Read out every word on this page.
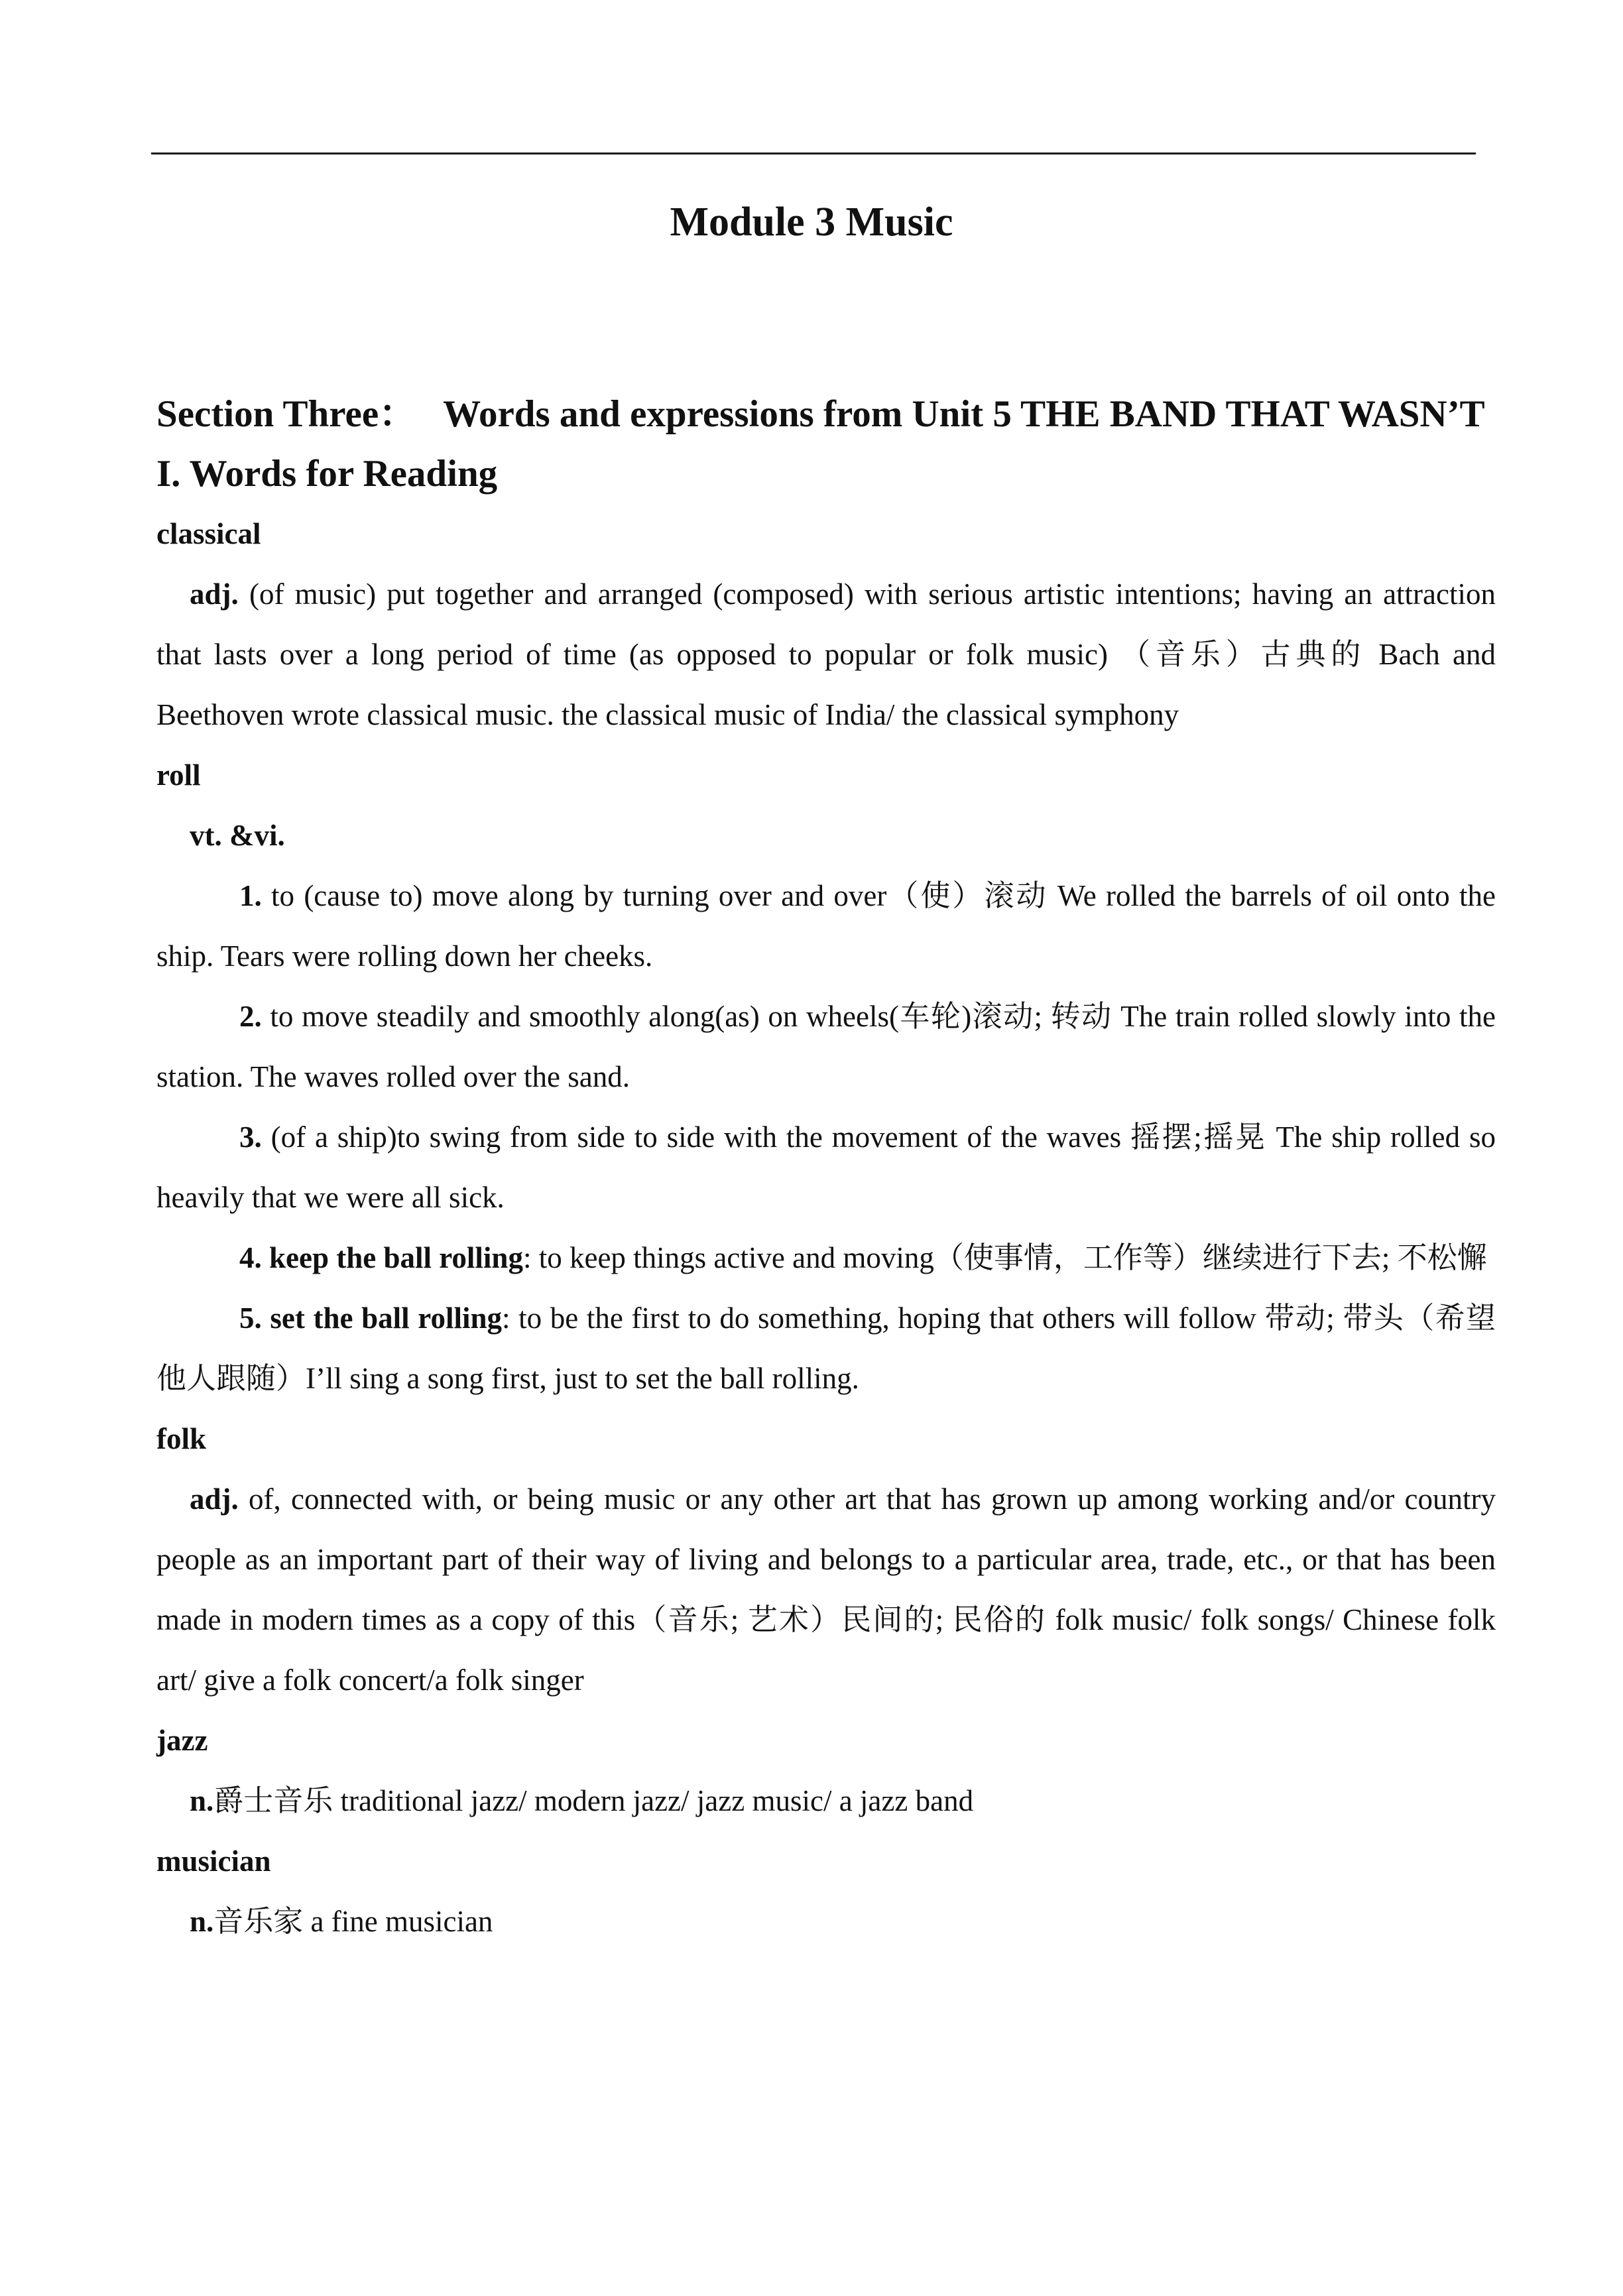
Module 3 Music

Section Three： Words and expressions from Unit 5 THE BAND THAT WASN’T

I. Words for Reading

classical

adj. (of music) put together and arranged (composed) with serious artistic intentions; having an attraction that lasts over a long period of time (as opposed to popular or folk music) （音乐）古典的 Bach and Beethoven wrote classical music. the classical music of India/ the classical symphony

roll

vt. &vi.

1. to (cause to) move along by turning over and over（使）滚动 We rolled the barrels of oil onto the ship. Tears were rolling down her cheeks.

2. to move steadily and smoothly along(as) on wheels(车轮)滚动; 转动 The train rolled slowly into the station. The waves rolled over the sand.

3. (of a ship)to swing from side to side with the movement of the waves 摇摆;摇晃 The ship rolled so heavily that we were all sick.

4. keep the ball rolling: to keep things active and moving（使事情，工作等）继续进行下去; 不松懈

5. set the ball rolling: to be the first to do something, hoping that others will follow 带动; 带头（希望他人跟随）I’ll sing a song first, just to set the ball rolling.

folk

adj. of, connected with, or being music or any other art that has grown up among working and/or country people as an important part of their way of living and belongs to a particular area, trade, etc., or that has been made in modern times as a copy of this（音乐; 艺术）民间的; 民俗的 folk music/ folk songs/ Chinese folk art/ give a folk concert/a folk singer

jazz

n.爵士音乐 traditional jazz/ modern jazz/ jazz music/ a jazz band

musician

n.音乐家 a fine musician
